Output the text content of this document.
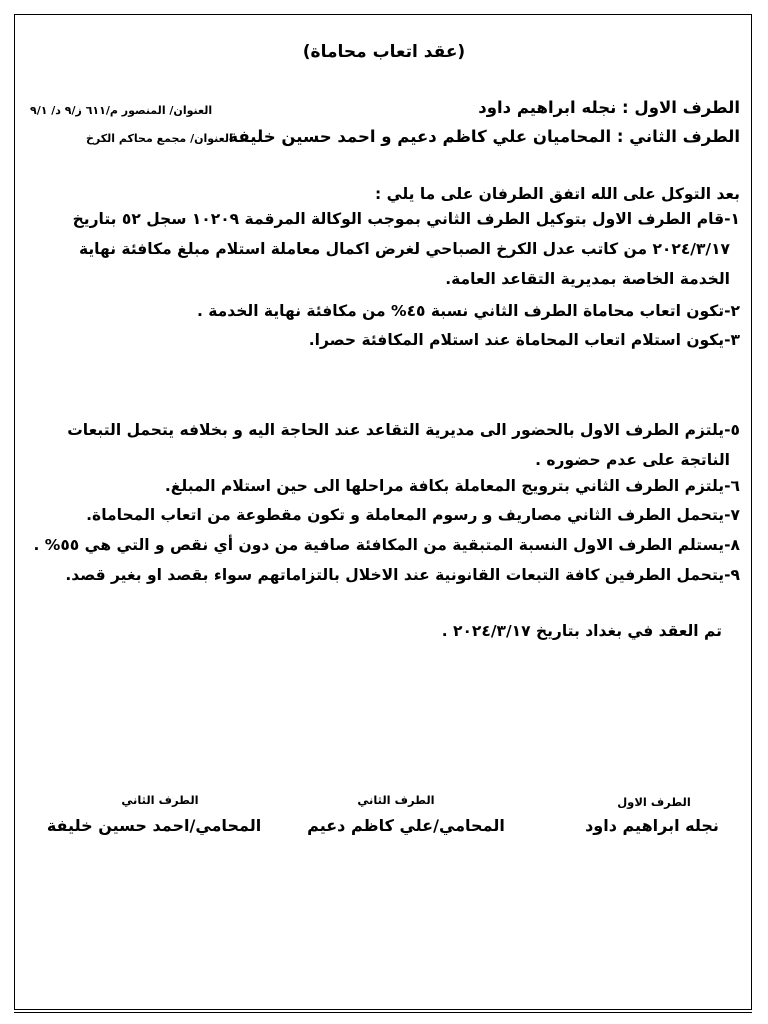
(عقد اتعاب محاماة)
الطرف الاول : نجله ابراهيم داود
العنوان/ المنصور م/٦١١ ز/٩ د/ ٩/١
الطرف الثاني : المحاميان علي كاظم دعيم و احمد حسين خليفة
العنوان/ مجمع محاكم الكرخ
بعد التوكل على الله اتفق الطرفان على ما يلي :
١-قام الطرف الاول بتوكيل الطرف الثاني بموجب الوكالة المرقمة ١٠٢٠٩ سجل ٥٢ بتاريخ
٢٠٢٤/٣/١٧ من كاتب عدل الكرخ الصباحي لغرض اكمال معاملة استلام مبلغ مكافئة نهاية
الخدمة الخاصة بمديرية التقاعد العامة.
٢-تكون اتعاب محاماة الطرف الثاني نسبة ٤٥% من مكافئة نهاية الخدمة .
٣-يكون استلام اتعاب المحاماة عند استلام المكافئة حصرا.
٥-يلتزم الطرف الاول بالحضور الى مديرية التقاعد عند الحاجة اليه و بخلافه يتحمل التبعات
الناتجة على عدم حضوره .
٦-يلتزم الطرف الثاني بترويج المعاملة بكافة مراحلها الى حين استلام المبلغ.
٧-يتحمل الطرف الثاني مصاريف و رسوم المعاملة و تكون مقطوعة من اتعاب المحاماة.
٨-يستلم الطرف الاول النسبة المتبقية من المكافئة صافية من دون أي نقص و التي هي ٥٥% .
٩-يتحمل الطرفين كافة التبعات القانونية عند الاخلال بالتزاماتهم سواء بقصد او بغير قصد.
تم العقد في بغداد بتاريخ ٢٠٢٤/٣/١٧ .
الطرف الاول
نجله ابراهيم داود
الطرف الثاني
المحامي/علي كاظم دعيم
الطرف الثاني
المحامي/احمد حسين خليفة
